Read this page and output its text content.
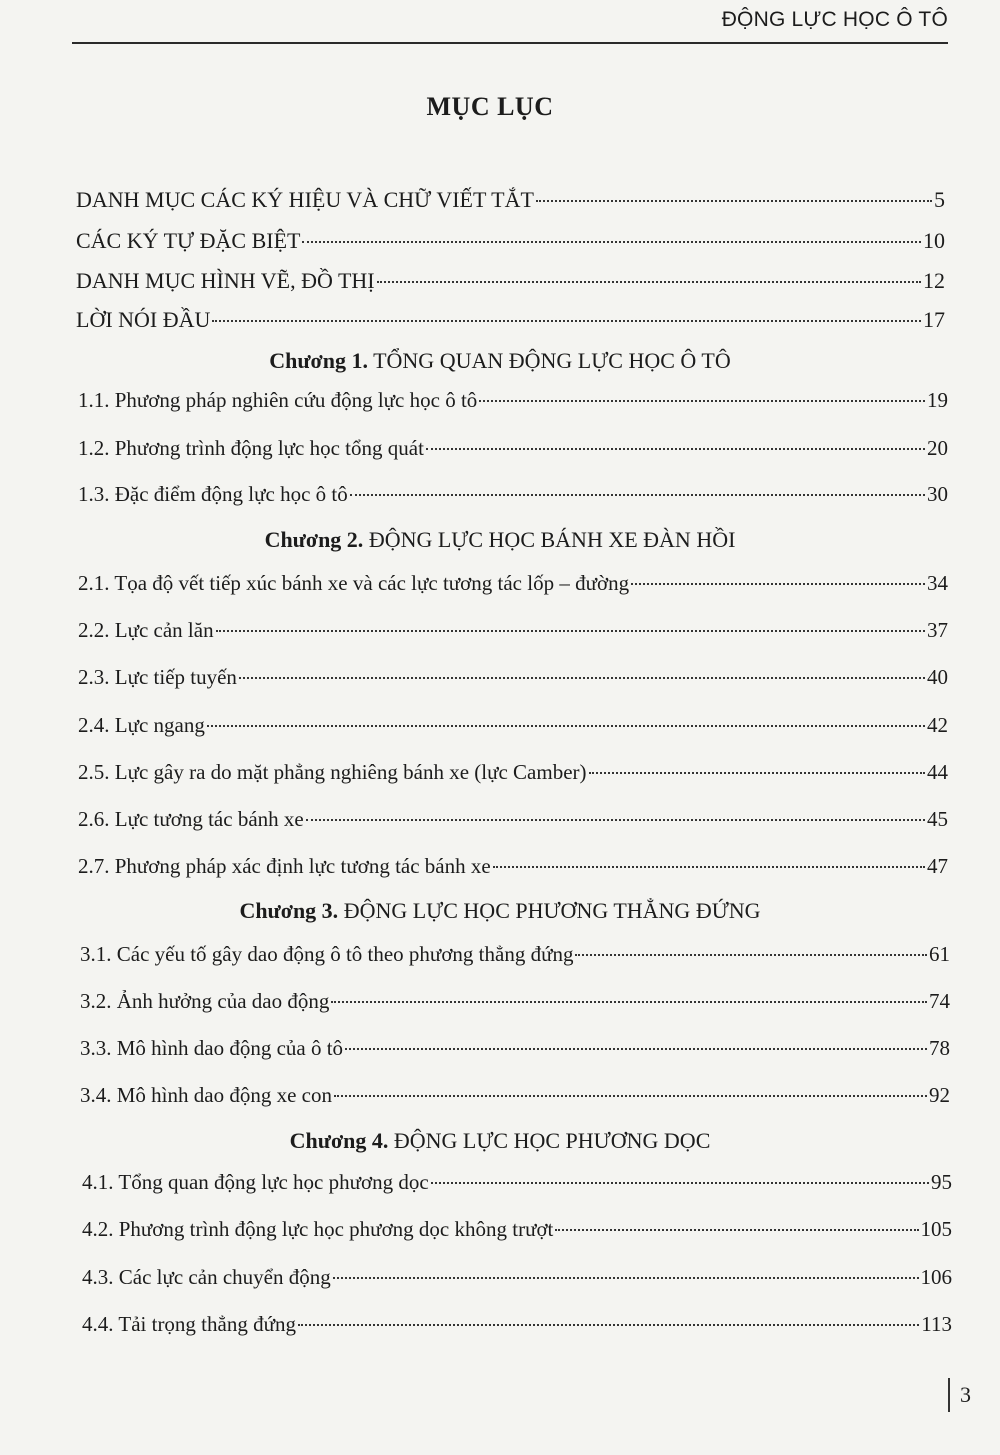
ĐỘNG LỰC HỌC Ô TÔ
MỤC LỤC
DANH MỤC CÁC KÝ HIỆU VÀ CHỮ VIẾT TẮT	5
CÁC KÝ TỰ ĐẶC BIỆT	10
DANH MỤC HÌNH VẼ, ĐỒ THỊ	12
LỜI NÓI ĐẦU	17
Chương 1. TỔNG QUAN ĐỘNG LỰC HỌC Ô TÔ
1.1. Phương pháp nghiên cứu động lực học ô tô	19
1.2. Phương trình động lực học tổng quát	20
1.3. Đặc điểm động lực học ô tô	30
Chương 2. ĐỘNG LỰC HỌC BÁNH XE ĐÀN HỒI
2.1. Tọa độ vết tiếp xúc bánh xe và các lực tương tác lốp – đường	34
2.2. Lực cản lăn	37
2.3. Lực tiếp tuyến	40
2.4. Lực ngang	42
2.5. Lực gây ra do mặt phẳng nghiêng bánh xe (lực Camber)	44
2.6. Lực tương tác bánh xe	45
2.7. Phương pháp xác định lực tương tác bánh xe	47
Chương 3. ĐỘNG LỰC HỌC PHƯƠNG THẲNG ĐỨNG
3.1. Các yếu tố gây dao động ô tô theo phương thẳng đứng	61
3.2. Ảnh hưởng của dao động	74
3.3. Mô hình dao động của ô tô	78
3.4. Mô hình dao động xe con	92
Chương 4. ĐỘNG LỰC HỌC PHƯƠNG DỌC
4.1. Tổng quan động lực học phương dọc	95
4.2. Phương trình động lực học phương dọc không trượt	105
4.3. Các lực cản chuyển động	106
4.4. Tải trọng thẳng đứng	113
3
